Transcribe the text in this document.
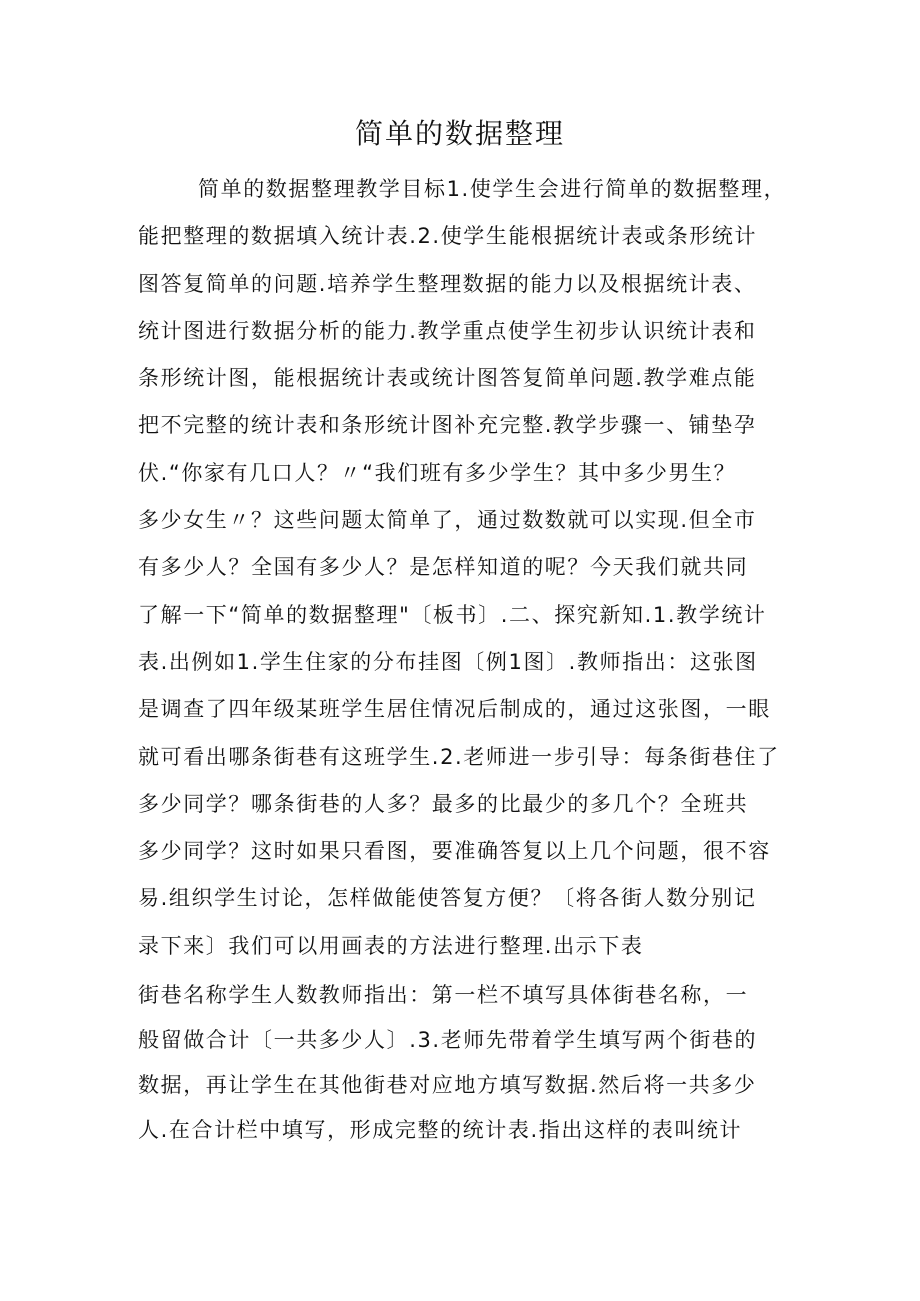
简单的数据整理
简单的数据整理教学目标1.使学生会进行简单的数据整理，
能把整理的数据填入统计表.2.使学生能根据统计表或条形统计
图答复简单的问题.培养学生整理数据的能力以及根据统计表、
统计图进行数据分析的能力.教学重点使学生初步认识统计表和
条形统计图，能根据统计表或统计图答复简单问题.教学难点能
把不完整的统计表和条形统计图补充完整.教学步骤一、铺垫孕
伏.“你家有几口人？〃“我们班有多少学生？其中多少男生？
多少女生〃？这些问题太简单了，通过数数就可以实现.但全市
有多少人？全国有多少人？是怎样知道的呢？今天我们就共同
了解一下“简单的数据整理"〔板书〕.二、探究新知.1.教学统计
表.出例如1.学生住家的分布挂图〔例1图〕.教师指出：这张图
是调查了四年级某班学生居住情况后制成的，通过这张图，一眼
就可看出哪条街巷有这班学生.2.老师进一步引导：每条街巷住了
多少同学？哪条街巷的人多？最多的比最少的多几个？全班共
多少同学？这时如果只看图，要准确答复以上几个问题，很不容
易.组织学生讨论，怎样做能使答复方便？〔将各街人数分别记
录下来〕我们可以用画表的方法进行整理.出示下表
街巷名称学生人数教师指出：第一栏不填写具体街巷名称，一
般留做合计〔一共多少人〕.3.老师先带着学生填写两个街巷的
数据，再让学生在其他街巷对应地方填写数据.然后将一共多少
人.在合计栏中填写，形成完整的统计表.指出这样的表叫统计
